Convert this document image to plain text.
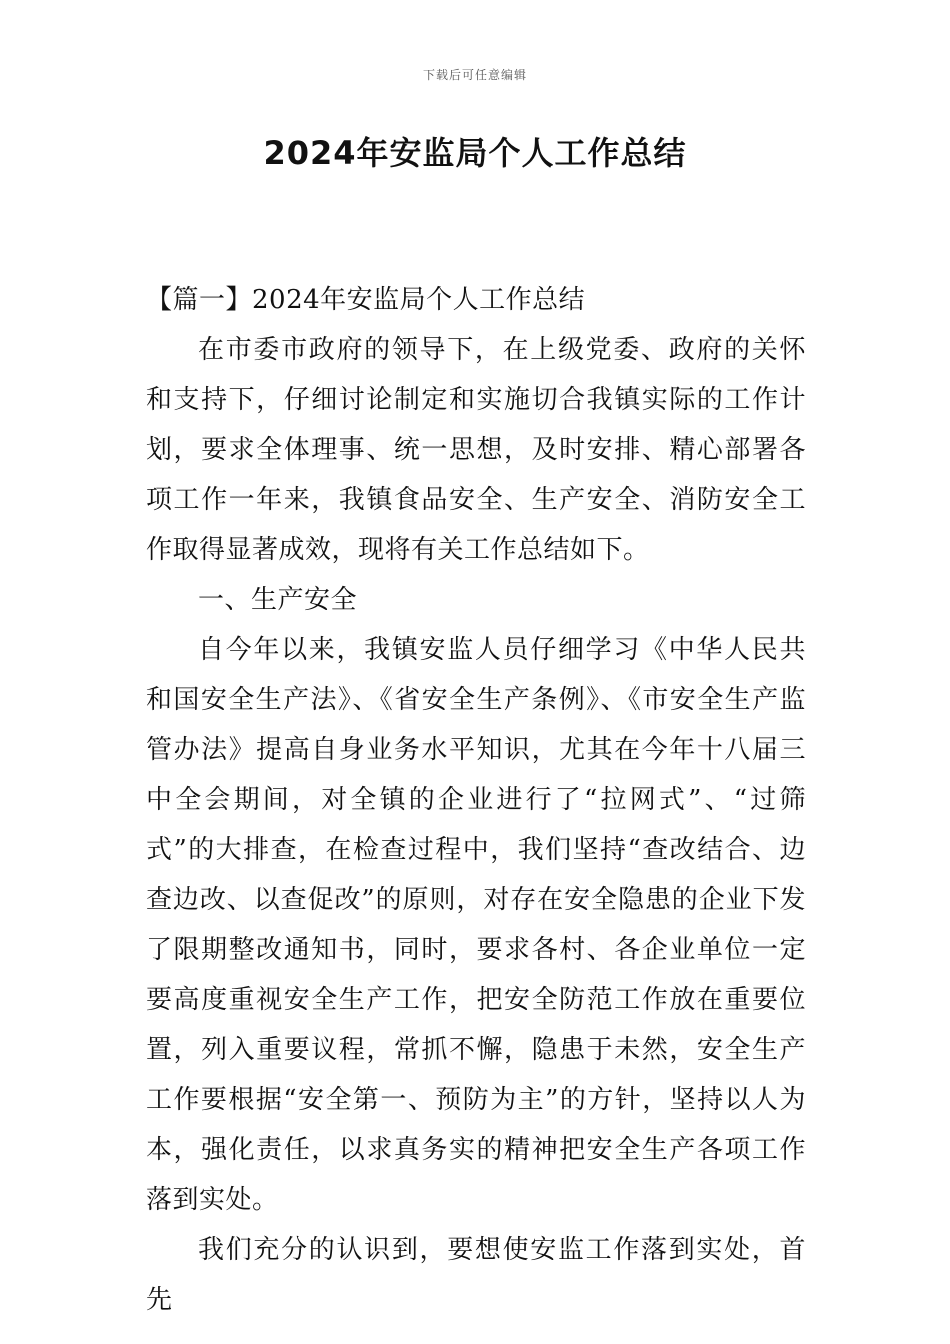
下载后可任意编辑
2024年安监局个人工作总结

【篇一】2024年安监局个人工作总结

在市委市政府的领导下，在上级党委、政府的关怀和支持下，仔细讨论制定和实施切合我镇实际的工作计划，要求全体理事、统一思想，及时安排、精心部署各项工作一年来，我镇食品安全、生产安全、消防安全工作取得显著成效，现将有关工作总结如下。

一、生产安全

自今年以来，我镇安监人员仔细学习《中华人民共和国安全生产法》、《省安全生产条例》、《市安全生产监管办法》提高自身业务水平知识，尤其在今年十八届三中全会期间，对全镇的企业进行了“拉网式”、“过筛式”的大排查，在检查过程中，我们坚持“查改结合、边查边改、以查促改”的原则，对存在安全隐患的企业下发了限期整改通知书，同时，要求各村、各企业单位一定要高度重视安全生产工作，把安全防范工作放在重要位置，列入重要议程，常抓不懈，隐患于未然，安全生产工作要根据“安全第一、预防为主”的方针，坚持以人为本，强化责任，以求真务实的精神把安全生产各项工作落到实处。

我们充分的认识到，要想使安监工作落到实处，首先
